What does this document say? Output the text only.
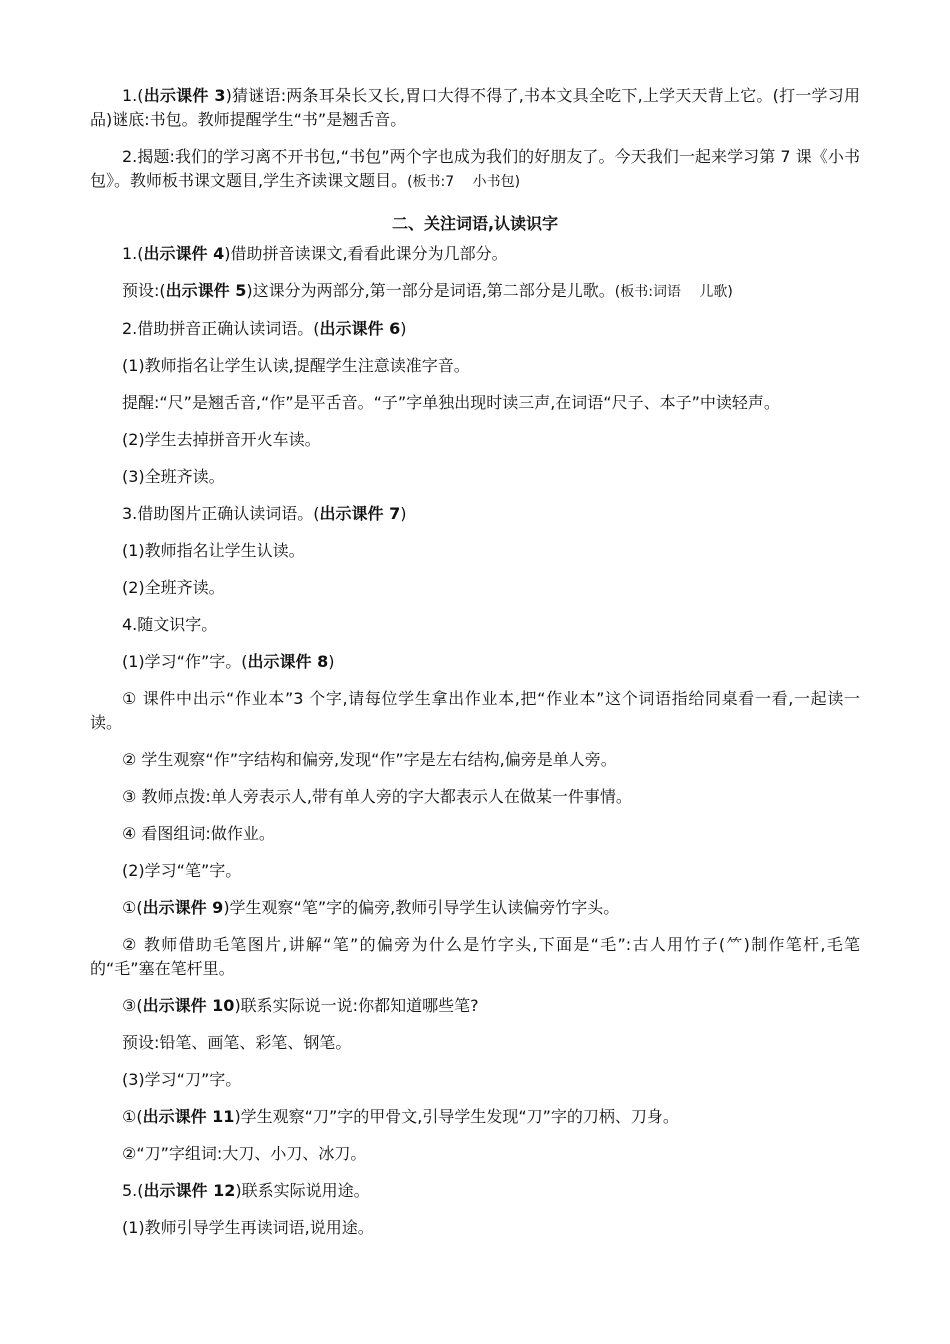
1.(出示课件 3)猜谜语:两条耳朵长又长,胃口大得不得了,书本文具全吃下,上学天天背上它。(打一学习用品)谜底:书包。教师提醒学生“书”是翘舌音。

2.揭题:我们的学习离不开书包,“书包”两个字也成为我们的好朋友了。今天我们一起来学习第 7 课《小书包》。教师板书课文题目,学生齐读课文题目。(板书:7　 小书包)

二、关注词语,认读识字

1.(出示课件 4)借助拼音读课文,看看此课分为几部分。

预设:(出示课件 5)这课分为两部分,第一部分是词语,第二部分是儿歌。(板书:词语　 儿歌)

2.借助拼音正确认读词语。(出示课件 6)

(1)教师指名让学生认读,提醒学生注意读准字音。

提醒:“尺”是翘舌音,“作”是平舌音。“子”字单独出现时读三声,在词语“尺子、本子”中读轻声。

(2)学生去掉拼音开火车读。

(3)全班齐读。

3.借助图片正确认读词语。(出示课件 7)

(1)教师指名让学生认读。

(2)全班齐读。

4.随文识字。

(1)学习“作”字。(出示课件 8)

① 课件中出示“作业本”3 个字,请每位学生拿出作业本,把“作业本”这个词语指给同桌看一看,一起读一读。

② 学生观察“作”字结构和偏旁,发现“作”字是左右结构,偏旁是单人旁。

③ 教师点拨:单人旁表示人,带有单人旁的字大都表示人在做某一件事情。

④ 看图组词:做作业。

(2)学习“笔”字。

①(出示课件 9)学生观察“笔”字的偏旁,教师引导学生认读偏旁竹字头。

② 教师借助毛笔图片,讲解“笔”的偏旁为什么是竹字头,下面是“毛”:古人用竹子(⺮)制作笔杆,毛笔的“毛”塞在笔杆里。

③(出示课件 10)联系实际说一说:你都知道哪些笔?

预设:铅笔、画笔、彩笔、钢笔。

(3)学习“刀”字。

①(出示课件 11)学生观察“刀”字的甲骨文,引导学生发现“刀”字的刀柄、刀身。

②“刀”字组词:大刀、小刀、冰刀。

5.(出示课件 12)联系实际说用途。

(1)教师引导学生再读词语,说用途。
